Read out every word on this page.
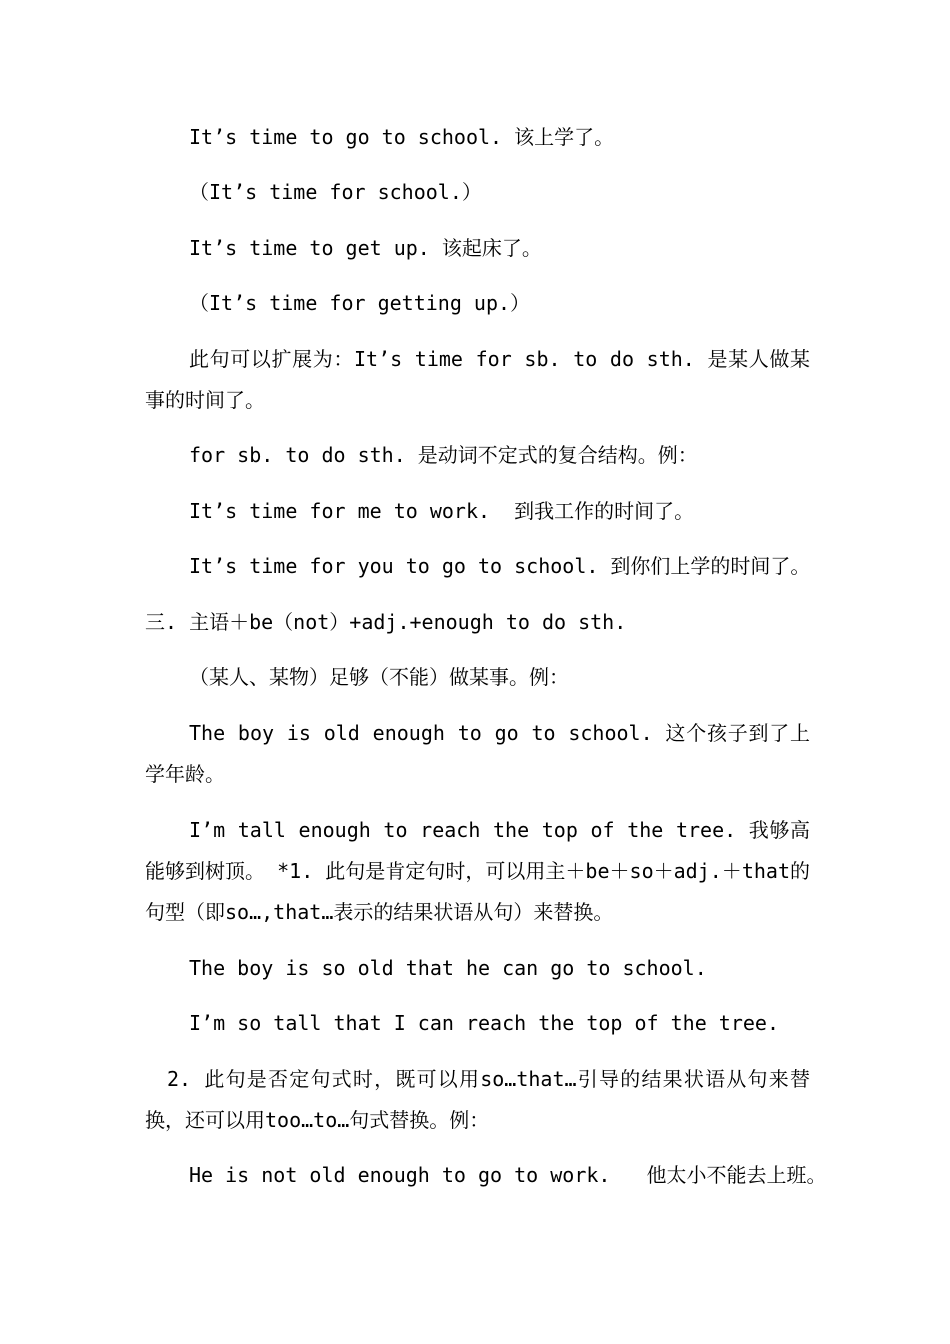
It’s time to go to school. 该上学了。
（It’s time for school.）
It’s time to get up. 该起床了。
（It’s time for getting up.）
此句可以扩展为：It’s time for sb. to do sth. 是某人做某事的时间了。
for sb. to do sth. 是动词不定式的复合结构。例：
It’s time for me to work.  到我工作的时间了。
It’s time for you to go to school. 到你们上学的时间了。
三. 主语＋be（not）+adj.+enough to do sth.
（某人、某物）足够（不能）做某事。例：
The boy is old enough to go to school. 这个孩子到了上学年龄。
I’m tall enough to reach the top of the tree. 我够高能够到树顶。 *1. 此句是肯定句时，可以用主＋be＋so＋adj.＋that的句型（即so…,that…表示的结果状语从句）来替换。
The boy is so old that he can go to school.
I’m so tall that I can reach the top of the tree.
2. 此句是否定句式时，既可以用so…that…引导的结果状语从句来替换，还可以用too…to…句式替换。例：
He is not old enough to go to work.   他太小不能去上班。
